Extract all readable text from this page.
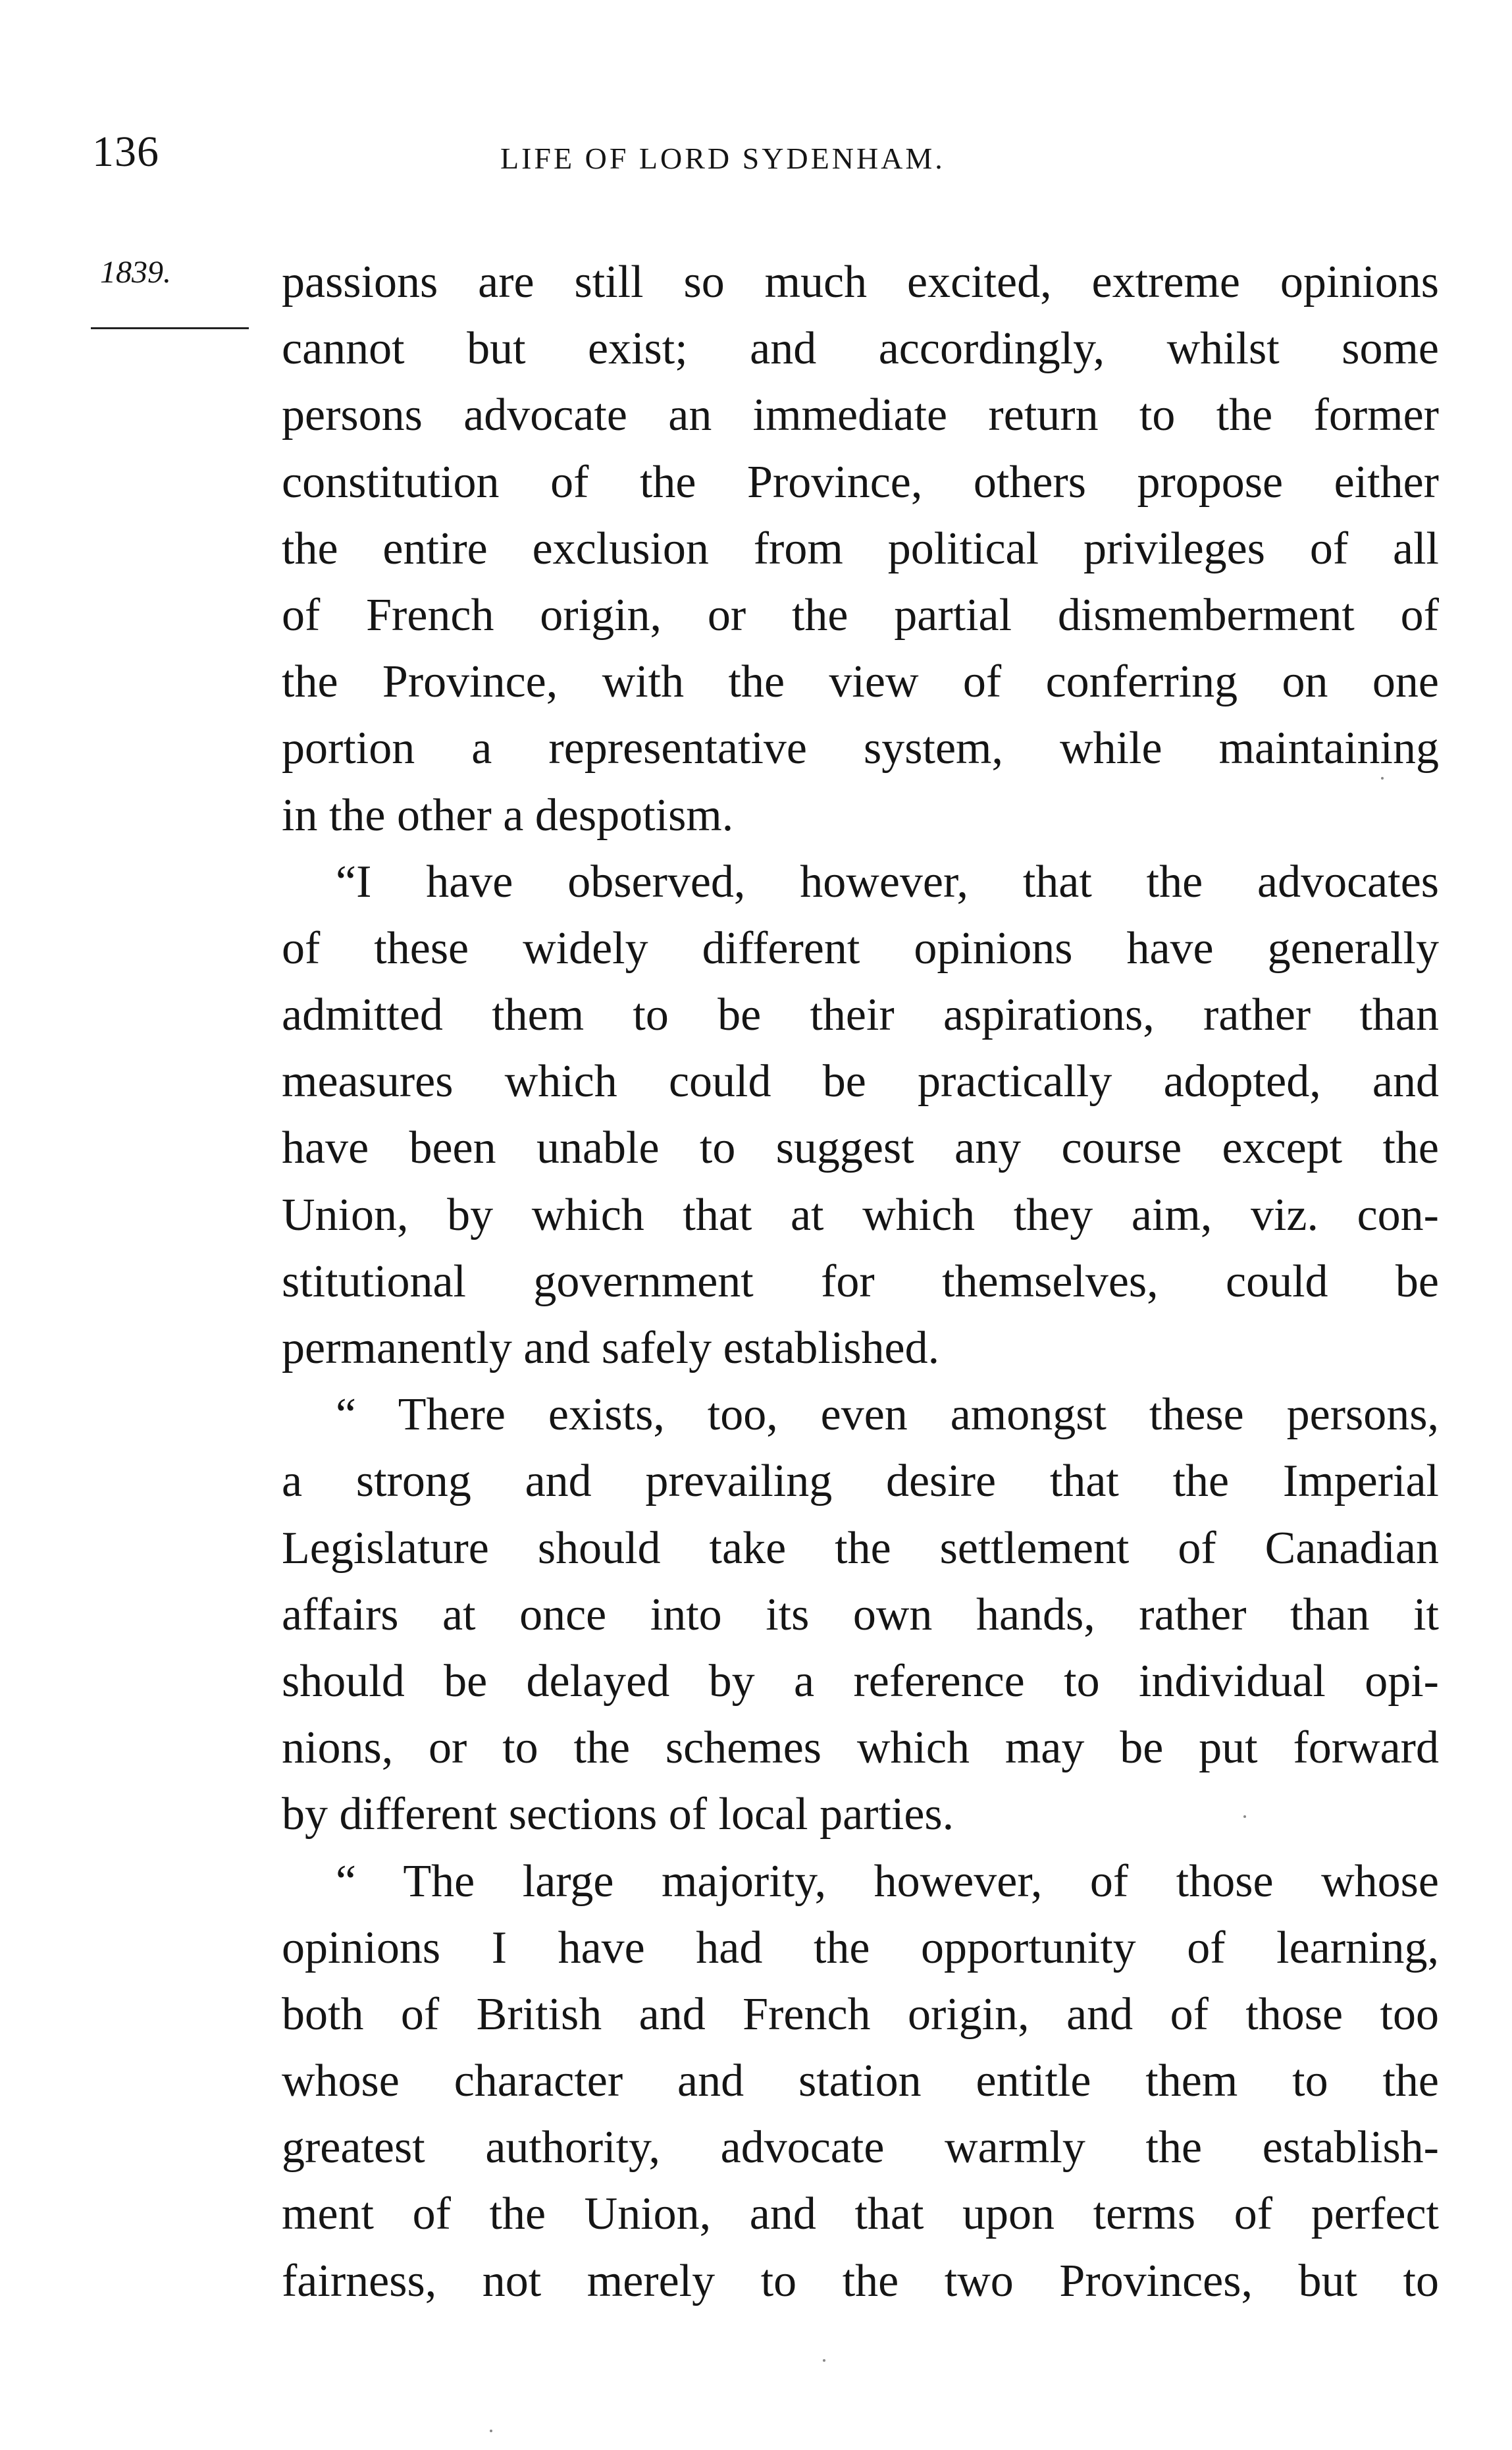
136	LIFE OF LORD SYDENHAM.
1839. passions are still so much excited, extreme opinions
cannot but exist; and accordingly, whilst some
persons advocate an immediate return to the former
constitution of the Province, others propose either
the entire exclusion from political privileges of all
of French origin, or the partial dismemberment of
the Province, with the view of conferring on one
portion a representative system, while maintaining
in the other a despotism.
“I have observed, however, that the advocates
of these widely different opinions have generally
admitted them to be their aspirations, rather than
measures which could be practically adopted, and
have been unable to suggest any course except the
Union, by which that at which they aim, viz. con-
stitutional government for themselves, could be
permanently and safely established.
“ There exists, too, even amongst these persons,
a strong and prevailing desire that the Imperial
Legislature should take the settlement of Canadian
affairs at once into its own hands, rather than it
should be delayed by a reference to individual opi-
nions, or to the schemes which may be put forward
by different sections of local parties.
“ The large majority, however, of those whose
opinions I have had the opportunity of learning,
both of British and French origin, and of those too
whose character and station entitle them to the
greatest authority, advocate warmly the establish-
ment of the Union, and that upon terms of perfect
fairness, not merely to the two Provinces, but to
